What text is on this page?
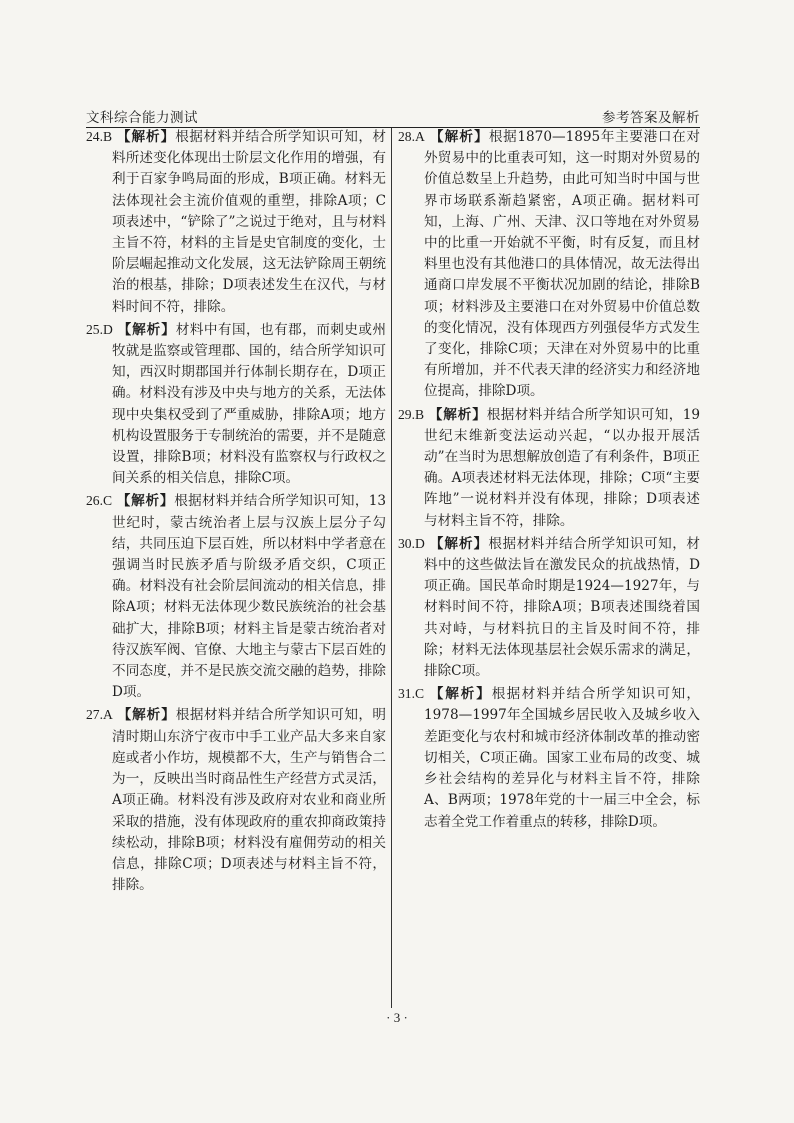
文科综合能力测试	参考答案及解析

24.B 【解析】根据材料并结合所学知识可知，材料所述变化体现出士阶层文化作用的增强，有利于百家争鸣局面的形成，B项正确。材料无法体现社会主流价值观的重塑，排除A项；C项表述中，“铲除了”之说过于绝对，且与材料主旨不符，材料的主旨是史官制度的变化，士阶层崛起推动文化发展，这无法铲除周王朝统治的根基，排除；D项表述发生在汉代，与材料时间不符，排除。

25.D 【解析】材料中有国，也有郡，而刺史或州牧就是监察或管理郡、国的，结合所学知识可知，西汉时期郡国并行体制长期存在，D项正确。材料没有涉及中央与地方的关系，无法体现中央集权受到了严重威胁，排除A项；地方机构设置服务于专制统治的需要，并不是随意设置，排除B项；材料没有监察权与行政权之间关系的相关信息，排除C项。

26.C 【解析】根据材料并结合所学知识可知，13世纪时，蒙古统治者上层与汉族上层分子勾结，共同压迫下层百姓，所以材料中学者意在强调当时民族矛盾与阶级矛盾交织，C项正确。材料没有社会阶层间流动的相关信息，排除A项；材料无法体现少数民族统治的社会基础扩大，排除B项；材料主旨是蒙古统治者对待汉族军阀、官僚、大地主与蒙古下层百姓的不同态度，并不是民族交流交融的趋势，排除D项。

27.A 【解析】根据材料并结合所学知识可知，明清时期山东济宁夜市中手工业产品大多来自家庭或者小作坊，规模都不大，生产与销售合二为一，反映出当时商品性生产经营方式灵活，A项正确。材料没有涉及政府对农业和商业所采取的措施，没有体现政府的重农抑商政策持续松动，排除B项；材料没有雇佣劳动的相关信息，排除C项；D项表述与材料主旨不符，排除。

28.A 【解析】根据1870—1895年主要港口在对外贸易中的比重表可知，这一时期对外贸易的价值总数呈上升趋势，由此可知当时中国与世界市场联系渐趋紧密，A项正确。据材料可知，上海、广州、天津、汉口等地在对外贸易中的比重一开始就不平衡，时有反复，而且材料里也没有其他港口的具体情况，故无法得出通商口岸发展不平衡状况加剧的结论，排除B项；材料涉及主要港口在对外贸易中价值总数的变化情况，没有体现西方列强侵华方式发生了变化，排除C项；天津在对外贸易中的比重有所增加，并不代表天津的经济实力和经济地位提高，排除D项。

29.B 【解析】根据材料并结合所学知识可知，19世纪末维新变法运动兴起，“以办报开展活动”在当时为思想解放创造了有利条件，B项正确。A项表述材料无法体现，排除；C项“主要阵地”一说材料并没有体现，排除；D项表述与材料主旨不符，排除。

30.D 【解析】根据材料并结合所学知识可知，材料中的这些做法旨在激发民众的抗战热情，D项正确。国民革命时期是1924—1927年，与材料时间不符，排除A项；B项表述围绕着国共对峙，与材料抗日的主旨及时间不符，排除；材料无法体现基层社会娱乐需求的满足，排除C项。

31.C 【解析】根据材料并结合所学知识可知，1978—1997年全国城乡居民收入及城乡收入差距变化与农村和城市经济体制改革的推动密切相关，C项正确。国家工业布局的改变、城乡社会结构的差异化与材料主旨不符，排除A、B两项；1978年党的十一届三中全会，标志着全党工作着重点的转移，排除D项。

· 3 ·
